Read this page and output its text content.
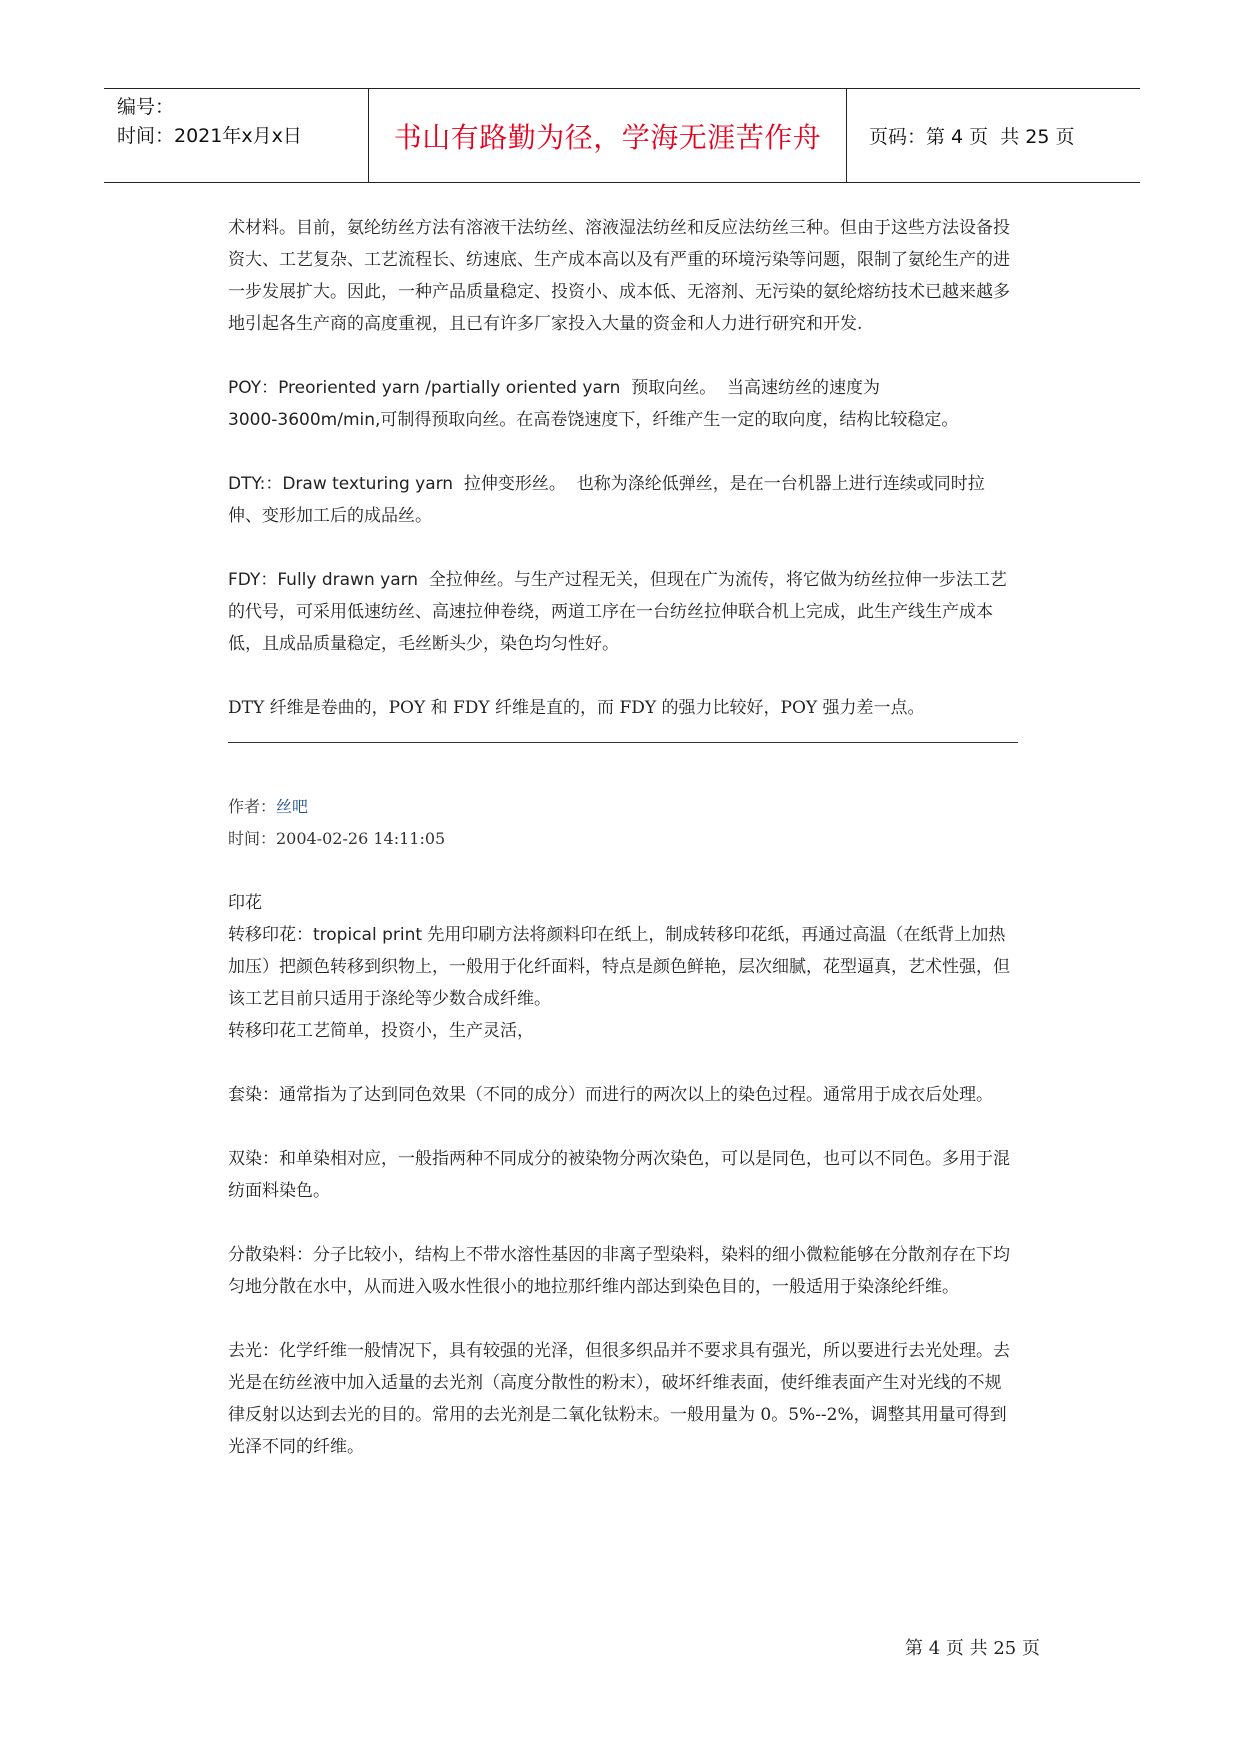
编号：
时间：2021年x月x日	书山有路勤为径，学海无涯苦作舟	页码：第 4 页  共 25 页

术材料。目前，氨纶纺丝方法有溶液干法纺丝、溶液湿法纺丝和反应法纺丝三种。但由于这些方法设备投资大、工艺复杂、工艺流程长、纺速底、生产成本高以及有严重的环境污染等问题，限制了氨纶生产的进一步发展扩大。因此，一种产品质量稳定、投资小、成本低、无溶剂、无污染的氨纶熔纺技术已越来越多地引起各生产商的高度重视，且已有许多厂家投入大量的资金和人力进行研究和开发.

POY：Preoriented yarn /partially oriented yarn  预取向丝。  当高速纺丝的速度为
3000-3600m/min,可制得预取向丝。在高卷饶速度下，纤维产生一定的取向度，结构比较稳定。

DTY:：Draw texturing yarn  拉伸变形丝。  也称为涤纶低弹丝，是在一台机器上进行连续或同时拉伸、变形加工后的成品丝。

FDY：Fully drawn yarn  全拉伸丝。与生产过程无关，但现在广为流传，将它做为纺丝拉伸一步法工艺的代号，可采用低速纺丝、高速拉伸卷绕，两道工序在一台纺丝拉伸联合机上完成，此生产线生产成本低，且成品质量稳定，毛丝断头少，染色均匀性好。

DTY 纤维是卷曲的，POY 和 FDY 纤维是直的，而 FDY 的强力比较好，POY 强力差一点。

作者：丝吧
时间：2004-02-26 14:11:05

印花

转移印花：tropical print 先用印刷方法将颜料印在纸上，制成转移印花纸，再通过高温（在纸背上加热加压）把颜色转移到织物上，一般用于化纤面料，特点是颜色鲜艳，层次细腻，花型逼真，艺术性强，但该工艺目前只适用于涤纶等少数合成纤维。

转移印花工艺简单，投资小，生产灵活，

套染：通常指为了达到同色效果（不同的成分）而进行的两次以上的染色过程。通常用于成衣后处理。

双染：和单染相对应，一般指两种不同成分的被染物分两次染色，可以是同色，也可以不同色。多用于混纺面料染色。

分散染料：分子比较小，结构上不带水溶性基因的非离子型染料，染料的细小微粒能够在分散剂存在下均匀地分散在水中，从而进入吸水性很小的地拉那纤维内部达到染色目的，一般适用于染涤纶纤维。

去光：化学纤维一般情况下，具有较强的光泽，但很多织品并不要求具有强光，所以要进行去光处理。去光是在纺丝液中加入适量的去光剂（高度分散性的粉末），破坏纤维表面，使纤维表面产生对光线的不规律反射以达到去光的目的。常用的去光剂是二氧化钛粉末。一般用量为 0。5%--2%，调整其用量可得到光泽不同的纤维。

第 4 页 共 25 页
